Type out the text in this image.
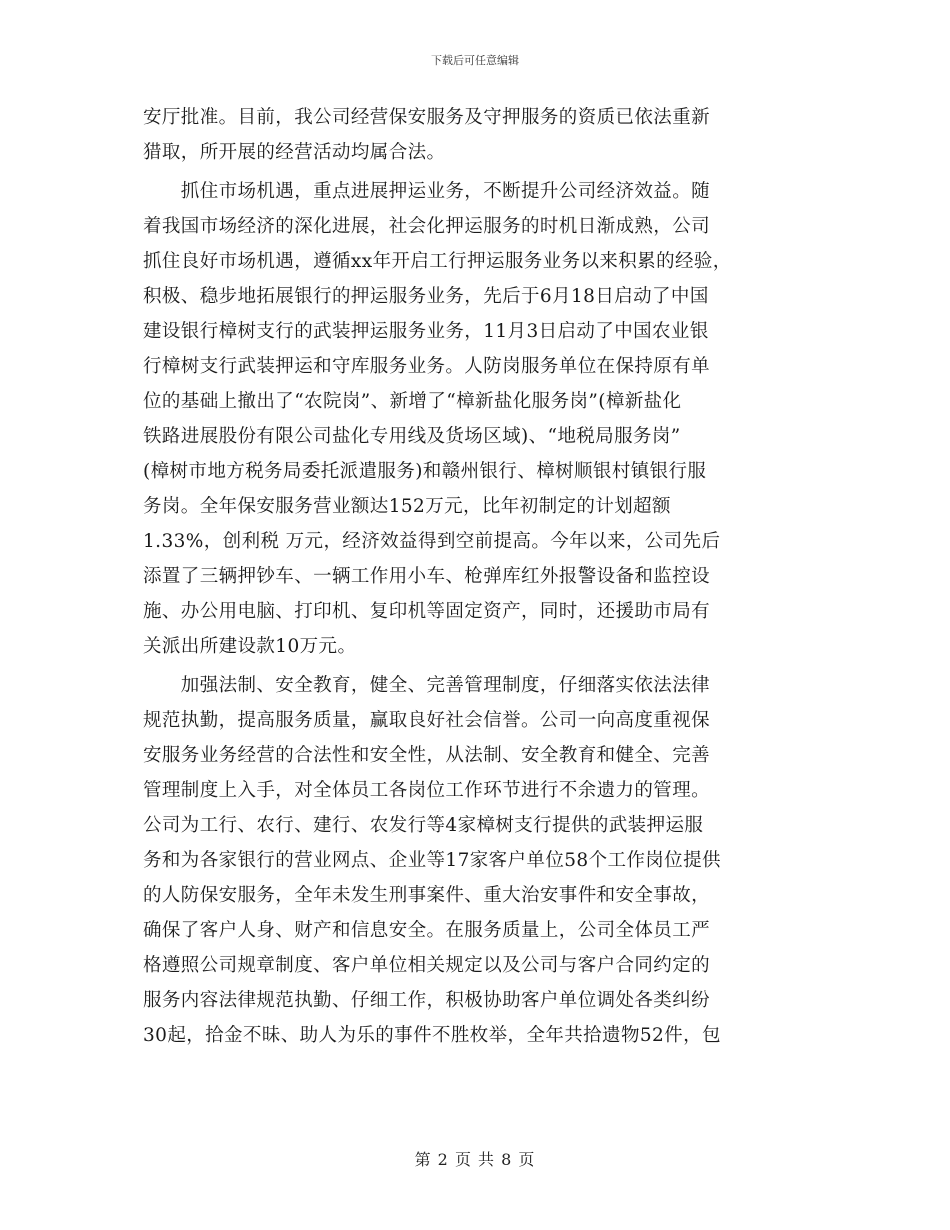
下载后可任意编辑
安厅批准。目前，我公司经营保安服务及守押服务的资质已依法重新
猎取，所开展的经营活动均属合法。
　　抓住市场机遇，重点进展押运业务，不断提升公司经济效益。随
着我国市场经济的深化进展，社会化押运服务的时机日渐成熟，公司
抓住良好市场机遇，遵循xx年开启工行押运服务业务以来积累的经验，
积极、稳步地拓展银行的押运服务业务，先后于6月18日启动了中国
建设银行樟树支行的武装押运服务业务，11月3日启动了中国农业银
行樟树支行武装押运和守库服务业务。人防岗服务单位在保持原有单
位的基础上撤出了“农院岗”、新增了“樟新盐化服务岗”(樟新盐化
铁路进展股份有限公司盐化专用线及货场区域)、“地税局服务岗”
(樟树市地方税务局委托派遣服务)和赣州银行、樟树顺银村镇银行服
务岗。全年保安服务营业额达152万元，比年初制定的计划超额
1.33%，创利税 万元，经济效益得到空前提高。今年以来，公司先后
添置了三辆押钞车、一辆工作用小车、枪弹库红外报警设备和监控设
施、办公用电脑、打印机、复印机等固定资产，同时，还援助市局有
关派出所建设款10万元。
　　加强法制、安全教育，健全、完善管理制度，仔细落实依法法律
规范执勤，提高服务质量，赢取良好社会信誉。公司一向高度重视保
安服务业务经营的合法性和安全性，从法制、安全教育和健全、完善
管理制度上入手，对全体员工各岗位工作环节进行不余遗力的管理。
公司为工行、农行、建行、农发行等4家樟树支行提供的武装押运服
务和为各家银行的营业网点、企业等17家客户单位58个工作岗位提供
的人防保安服务，全年未发生刑事案件、重大治安事件和安全事故，
确保了客户人身、财产和信息安全。在服务质量上，公司全体员工严
格遵照公司规章制度、客户单位相关规定以及公司与客户合同约定的
服务内容法律规范执勤、仔细工作，积极协助客户单位调处各类纠纷
30起，拾金不昧、助人为乐的事件不胜枚举，全年共拾遗物52件，包
第 2 页 共 8 页
